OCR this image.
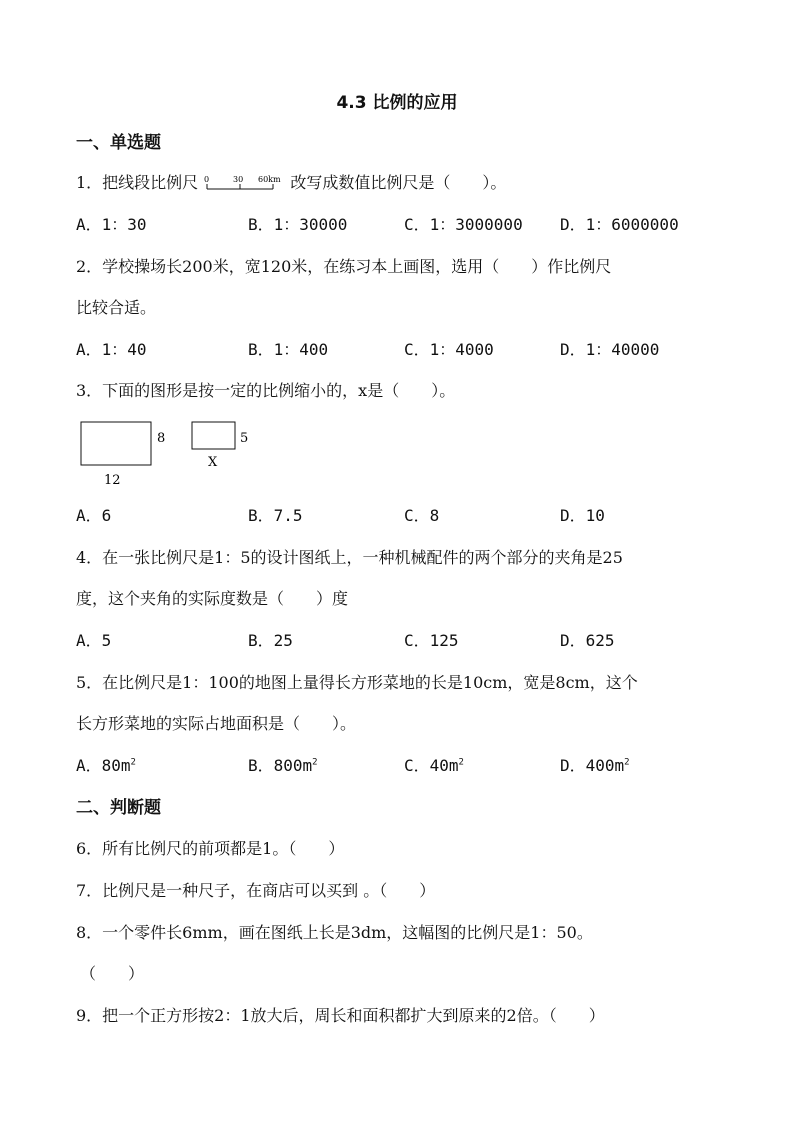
4.3 比例的应用
一、单选题
1．把线段比例尺 0	30 60km 改写成数值比例尺是（　　）。
A．1：30	B．1：30000	C．1：3000000 D．1：6000000
2．学校操场长200米，宽120米，在练习本上画图，选用（　　）作比例尺
比较合适。
A．1：40	B．1：400	C．1：4000	D．1：40000
3．下面的图形是按一定的比例缩小的，x是（　　）。
8
12
5
X
A．6	B．7.5	C．8	D．10
4．在一张比例尺是1：5的设计图纸上，一种机械配件的两个部分的夹角是25
度，这个夹角的实际度数是（　　）度
A．5	B．25	C．125	D．625
5．在比例尺是1：100的地图上量得长方形菜地的长是10cm，宽是8cm，这个
长方形菜地的实际占地面积是（　　）。
A．$80m^2$	B．$800m^2$	C．$40m^2$	D．$400m^2$
二、判断题
6．所有比例尺的前项都是1。（　　）
7．比例尺是一种尺子，在商店可以买到 。（　　）
8．一个零件长6mm，画在图纸上长是3dm，这幅图的比例尺是1：50。
（　　）
9．把一个正方形按2：1放大后，周长和面积都扩大到原来的2倍。（　　）
